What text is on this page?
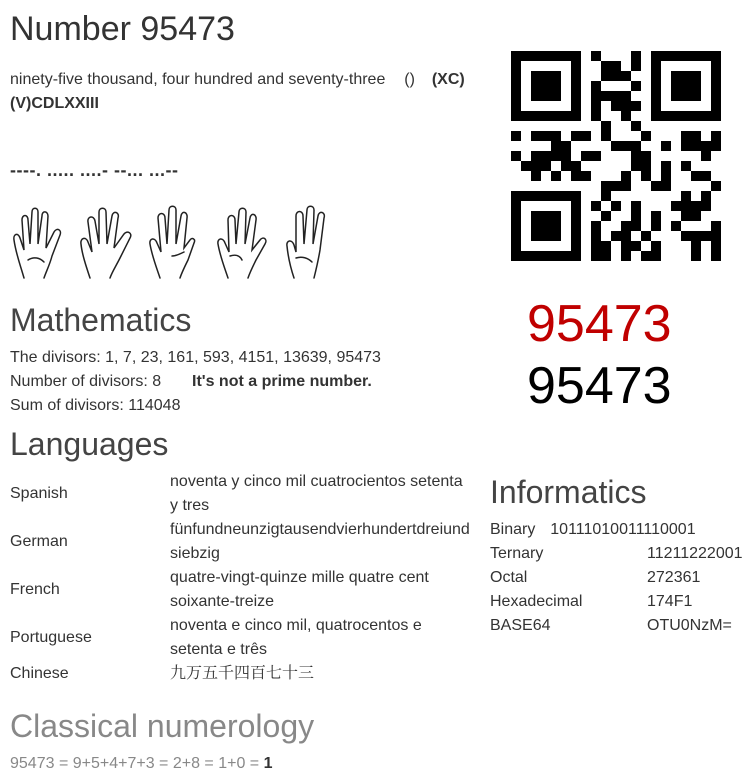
Number 95473
ninety-five thousand, four hundred and seventy-three () (XC)(V)CDLXXIII
----. ..... ....- --... ...--
95473
95473
Mathematics
The divisors: 1, 7, 23, 161, 593, 4151, 13639, 95473
Number of divisors: 8 It's not a prime number.
Sum of divisors: 114048
Languages
Spanish	noventa y cinco mil cuatrocientos setenta y tres
German	fünfundneunzigtausendvierhundertdreiundsiebzig
French	quatre-vingt-quinze mille quatre cent soixante-treize
Portuguese	noventa e cinco mil, quatrocentos e setenta e três
Chinese	九万五千四百七十三
Informatics
Binary 10111010011110001
Ternary	11211222001
Octal	272361
Hexadecimal	174F1
BASE64	OTU0NzM=
Classical numerology
95473 = 9+5+4+7+3 = 2+8 = 1+0 = 1
